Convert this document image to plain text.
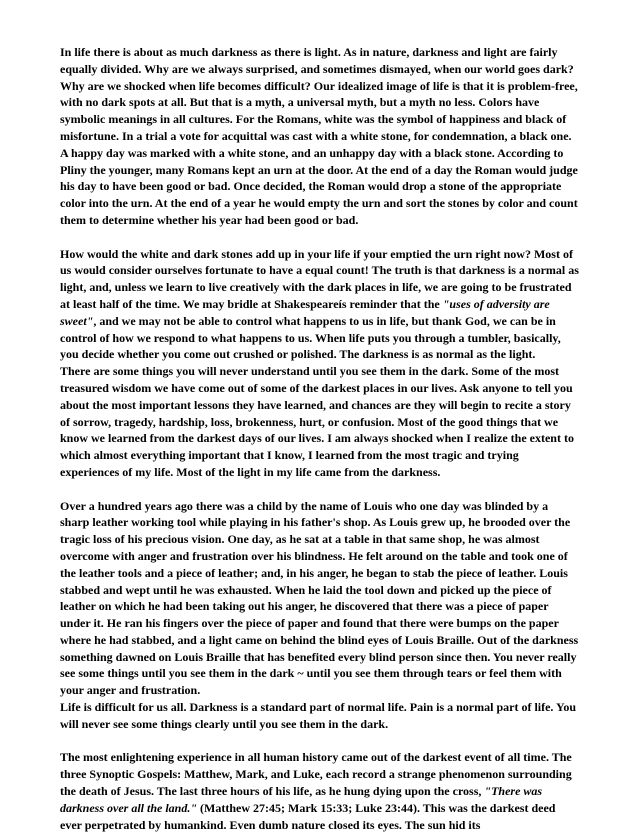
In life there is about as much darkness as there is light. As in nature, darkness and light are fairly equally divided. Why are we always surprised, and sometimes dismayed, when our world goes dark? Why are we shocked when life becomes difficult? Our idealized image of life is that it is problem-free, with no dark spots at all. But that is a myth, a universal myth, but a myth no less. Colors have symbolic meanings in all cultures. For the Romans, white was the symbol of happiness and black of misfortune. In a trial a vote for acquittal was cast with a white stone, for condemnation, a black one. A happy day was marked with a white stone, and an unhappy day with a black stone. According to Pliny the younger, many Romans kept an urn at the door. At the end of a day the Roman would judge his day to have been good or bad. Once decided, the Roman would drop a stone of the appropriate color into the urn. At the end of a year he would empty the urn and sort the stones by color and count them to determine whether his year had been good or bad.

How would the white and dark stones add up in your life if your emptied the urn right now? Most of us would consider ourselves fortunate to have a equal count! The truth is that darkness is a normal as light, and, unless we learn to live creatively with the dark places in life, we are going to be frustrated at least half of the time. We may bridle at Shakespeareís reminder that the "uses of adversity are sweet", and we may not be able to control what happens to us in life, but thank God, we can be in control of how we respond to what happens to us. When life puts you through a tumbler, basically, you decide whether you come out crushed or polished. The darkness is as normal as the light.

There are some things you will never understand until you see them in the dark. Some of the most treasured wisdom we have come out of some of the darkest places in our lives. Ask anyone to tell you about the most important lessons they have learned, and chances are they will begin to recite a story of sorrow, tragedy, hardship, loss, brokenness, hurt, or confusion. Most of the good things that we know we learned from the darkest days of our lives. I am always shocked when I realize the extent to which almost everything important that I know, I learned from the most tragic and trying experiences of my life. Most of the light in my life came from the darkness.

Over a hundred years ago there was a child by the name of Louis who one day was blinded by a sharp leather working tool while playing in his father's shop. As Louis grew up, he brooded over the tragic loss of his precious vision. One day, as he sat at a table in that same shop, he was almost overcome with anger and frustration over his blindness. He felt around on the table and took one of the leather tools and a piece of leather; and, in his anger, he began to stab the piece of leather. Louis stabbed and wept until he was exhausted. When he laid the tool down and picked up the piece of leather on which he had been taking out his anger, he discovered that there was a piece of paper under it. He ran his fingers over the piece of paper and found that there were bumps on the paper where he had stabbed, and a light came on behind the blind eyes of Louis Braille. Out of the darkness something dawned on Louis Braille that has benefited every blind person since then. You never really see some things until you see them in the dark ~ until you see them through tears or feel them with your anger and frustration.

Life is difficult for us all. Darkness is a standard part of normal life. Pain is a normal part of life. You will never see some things clearly until you see them in the dark.

The most enlightening experience in all human history came out of the darkest event of all time. The three Synoptic Gospels: Matthew, Mark, and Luke, each record a strange phenomenon surrounding the death of Jesus. The last three hours of his life, as he hung dying upon the cross, "There was darkness over all the land." (Matthew 27:45; Mark 15:33; Luke 23:44). This was the darkest deed ever perpetrated by humankind. Even dumb nature closed its eyes. The sun hid its
